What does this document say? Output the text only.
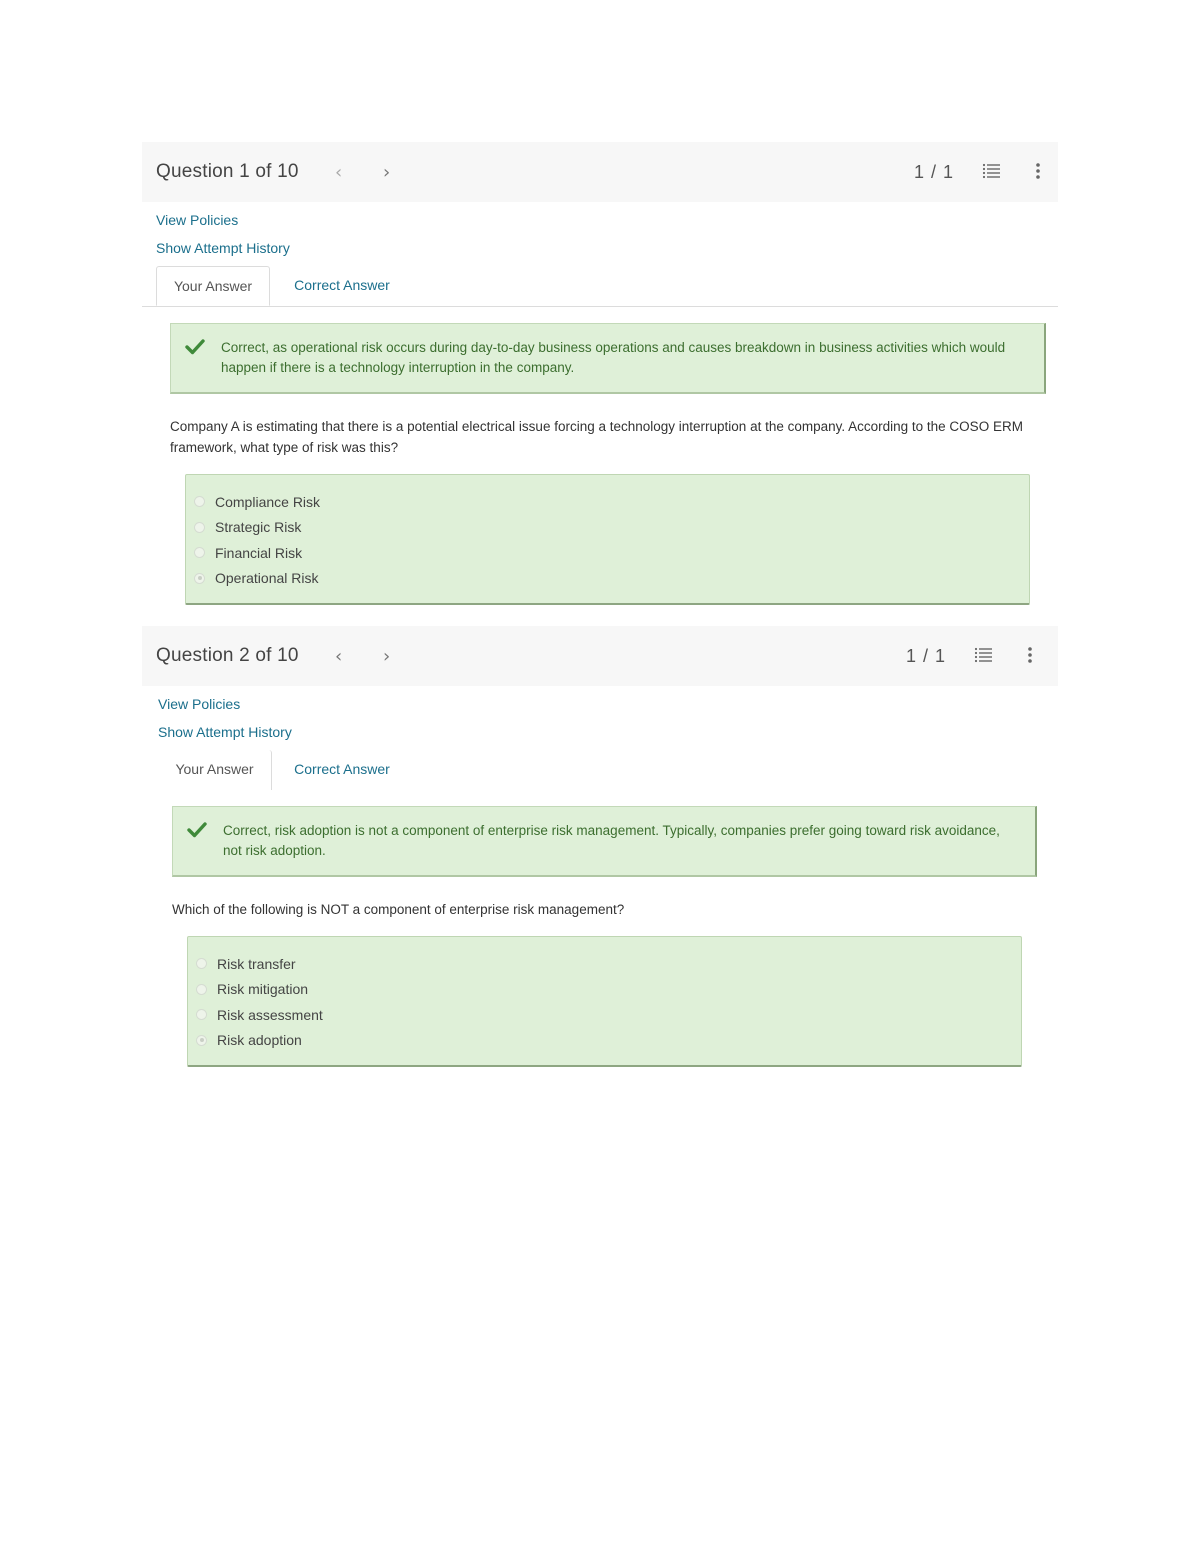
Question 1 of 10	‹	›	1 / 1
View Policies
Show Attempt History
Your Answer	Correct Answer
Correct, as operational risk occurs during day-to-day business operations and causes breakdown in business activities which would happen if there is a technology interruption in the company.
Company A is estimating that there is a potential electrical issue forcing a technology interruption at the company. According to the COSO ERM framework, what type of risk was this?
Compliance Risk
Strategic Risk
Financial Risk
Operational Risk
Question 2 of 10	‹	›	1 / 1
View Policies
Show Attempt History
Your Answer	Correct Answer
Correct, risk adoption is not a component of enterprise risk management. Typically, companies prefer going toward risk avoidance, not risk adoption.
Which of the following is NOT a component of enterprise risk management?
Risk transfer
Risk mitigation
Risk assessment
Risk adoption
